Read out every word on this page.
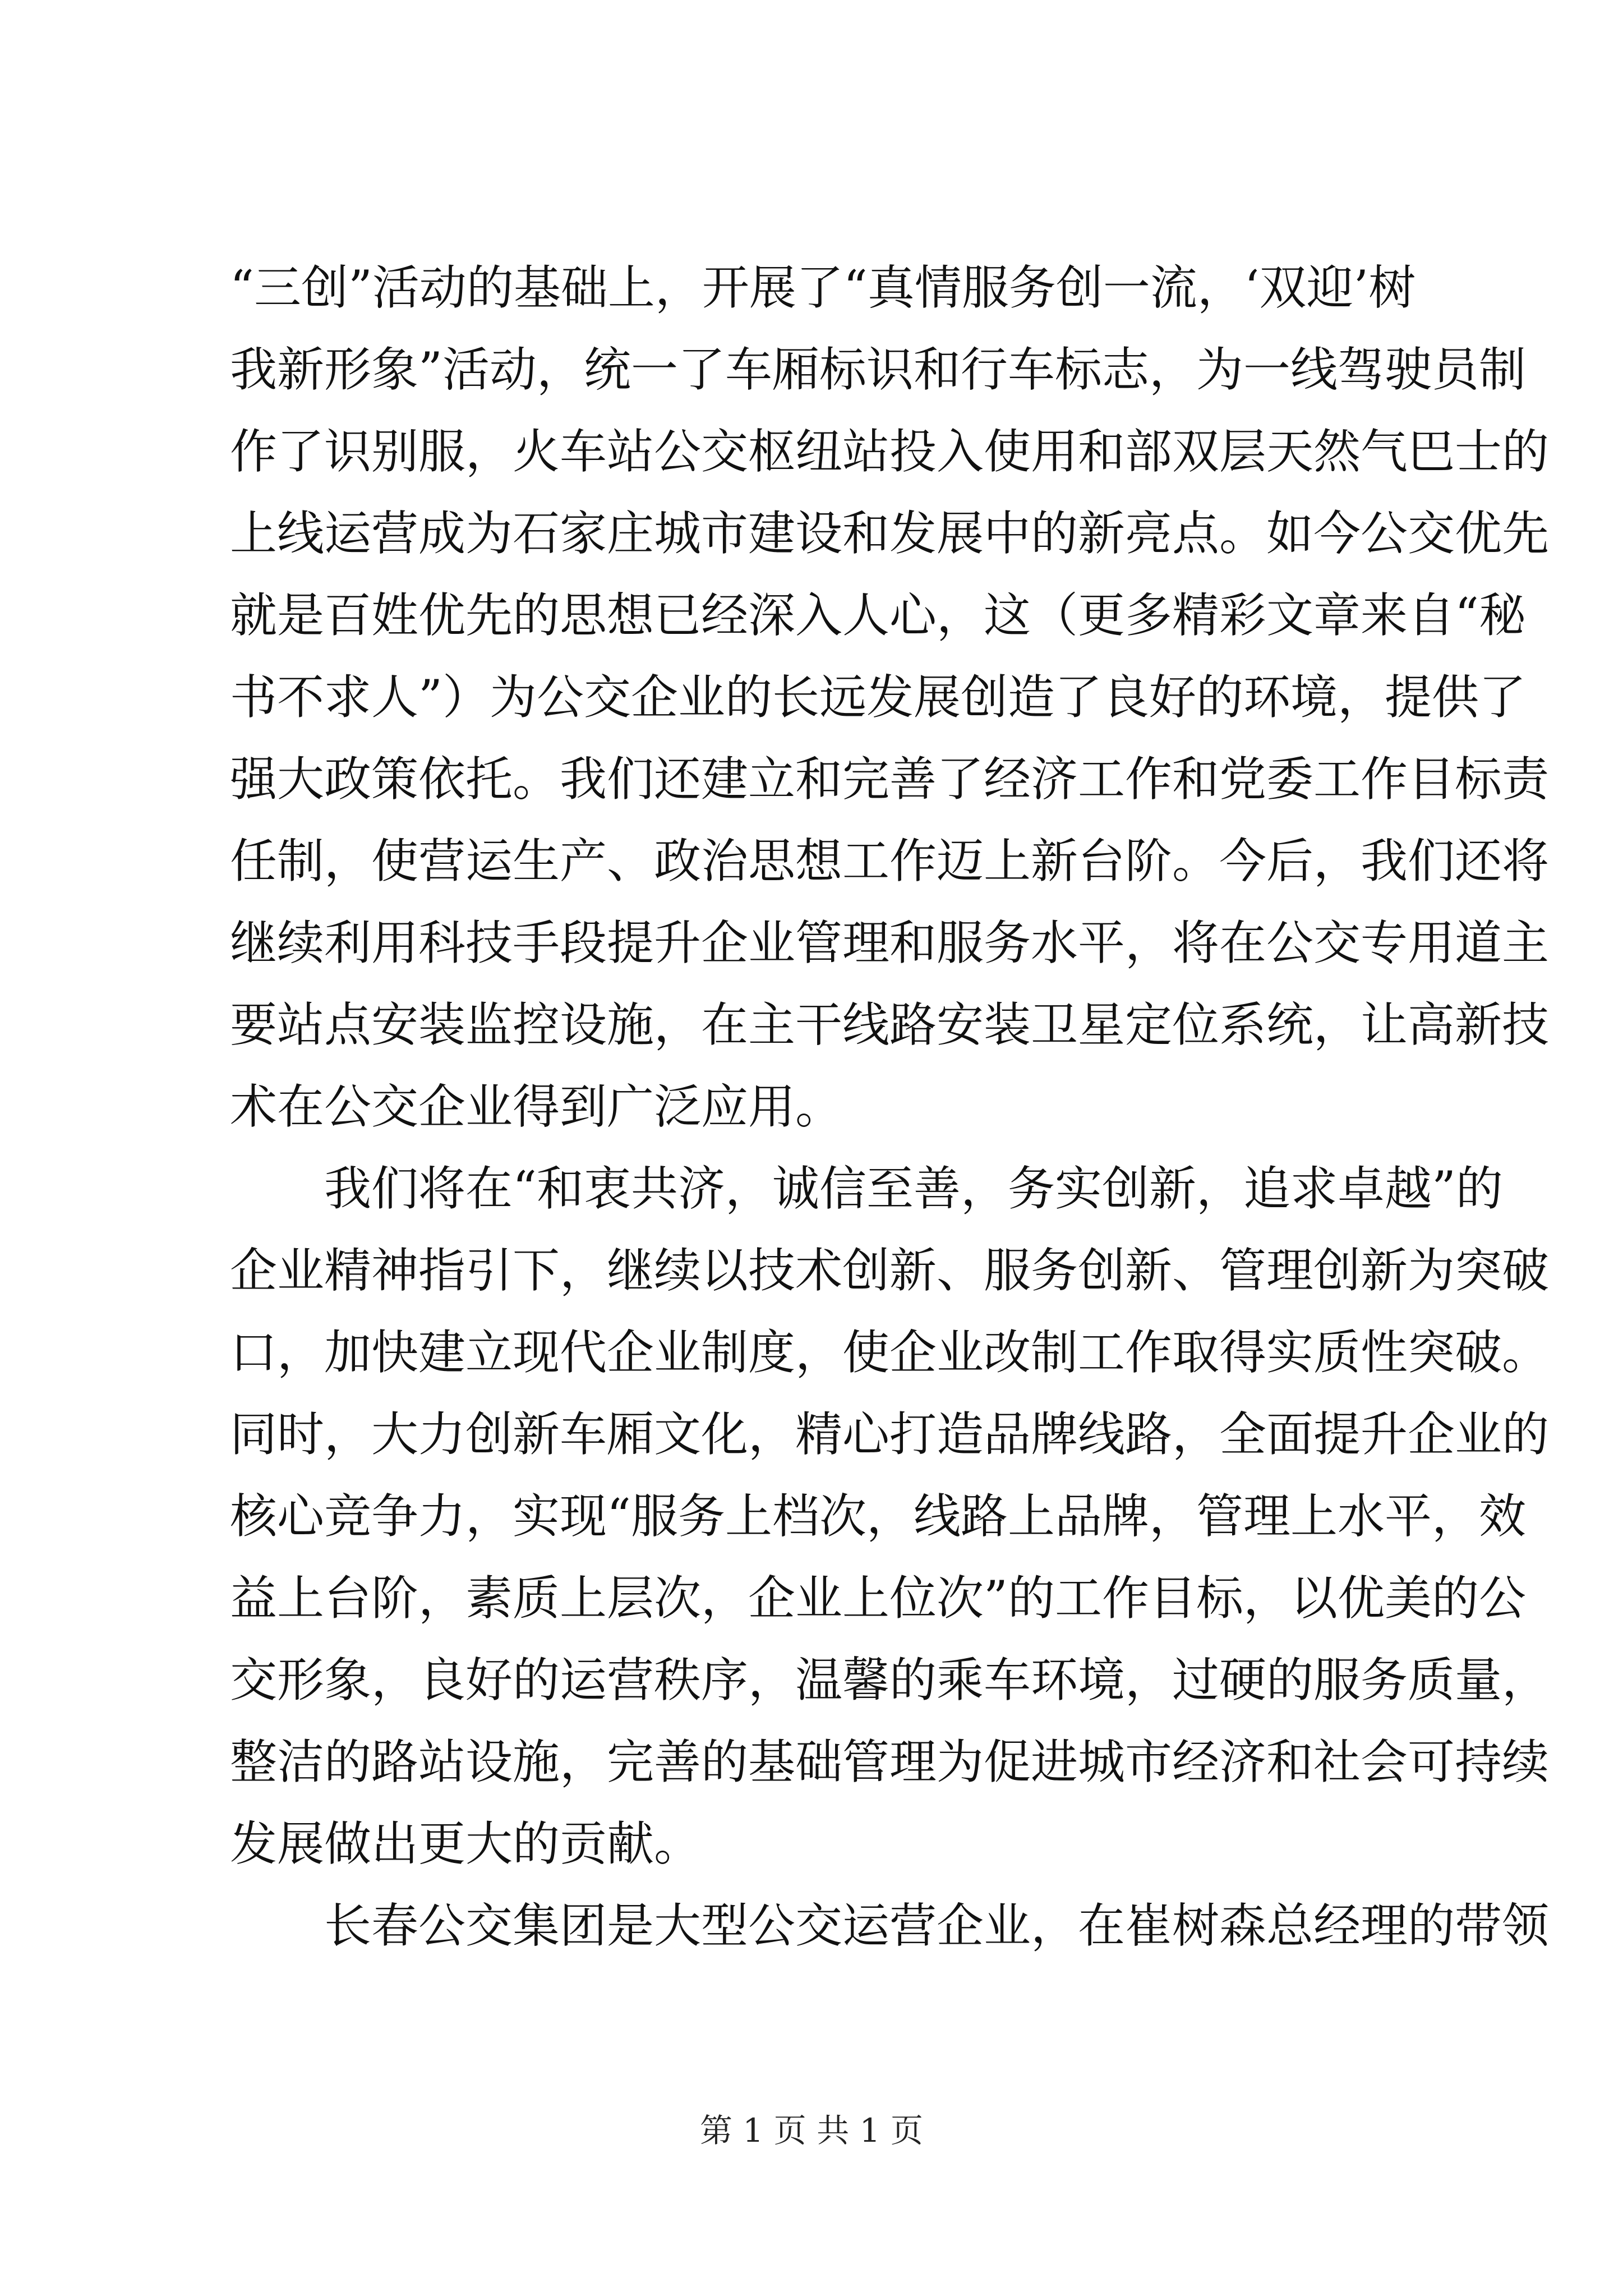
“三创”活动的基础上，开展了“真情服务创一流，‘双迎’树
我新形象”活动，统一了车厢标识和行车标志，为一线驾驶员制
作了识别服，火车站公交枢纽站投入使用和部双层天然气巴士的
上线运营成为石家庄城市建设和发展中的新亮点。如今公交优先
就是百姓优先的思想已经深入人心，这（更多精彩文章来自“秘
书不求人”）为公交企业的长远发展创造了良好的环境，提供了
强大政策依托。我们还建立和完善了经济工作和党委工作目标责
任制，使营运生产、政治思想工作迈上新台阶。今后，我们还将
继续利用科技手段提升企业管理和服务水平，将在公交专用道主
要站点安装监控设施，在主干线路安装卫星定位系统，让高新技
术在公交企业得到广泛应用。
　　我们将在“和衷共济，诚信至善，务实创新，追求卓越”的
企业精神指引下，继续以技术创新、服务创新、管理创新为突破
口，加快建立现代企业制度，使企业改制工作取得实质性突破。
同时，大力创新车厢文化，精心打造品牌线路，全面提升企业的
核心竞争力，实现“服务上档次，线路上品牌，管理上水平，效
益上台阶，素质上层次，企业上位次”的工作目标，以优美的公
交形象，良好的运营秩序，温馨的乘车环境，过硬的服务质量，
整洁的路站设施，完善的基础管理为促进城市经济和社会可持续
发展做出更大的贡献。
　　长春公交集团是大型公交运营企业，在崔树森总经理的带领
第 1 页 共 1 页
